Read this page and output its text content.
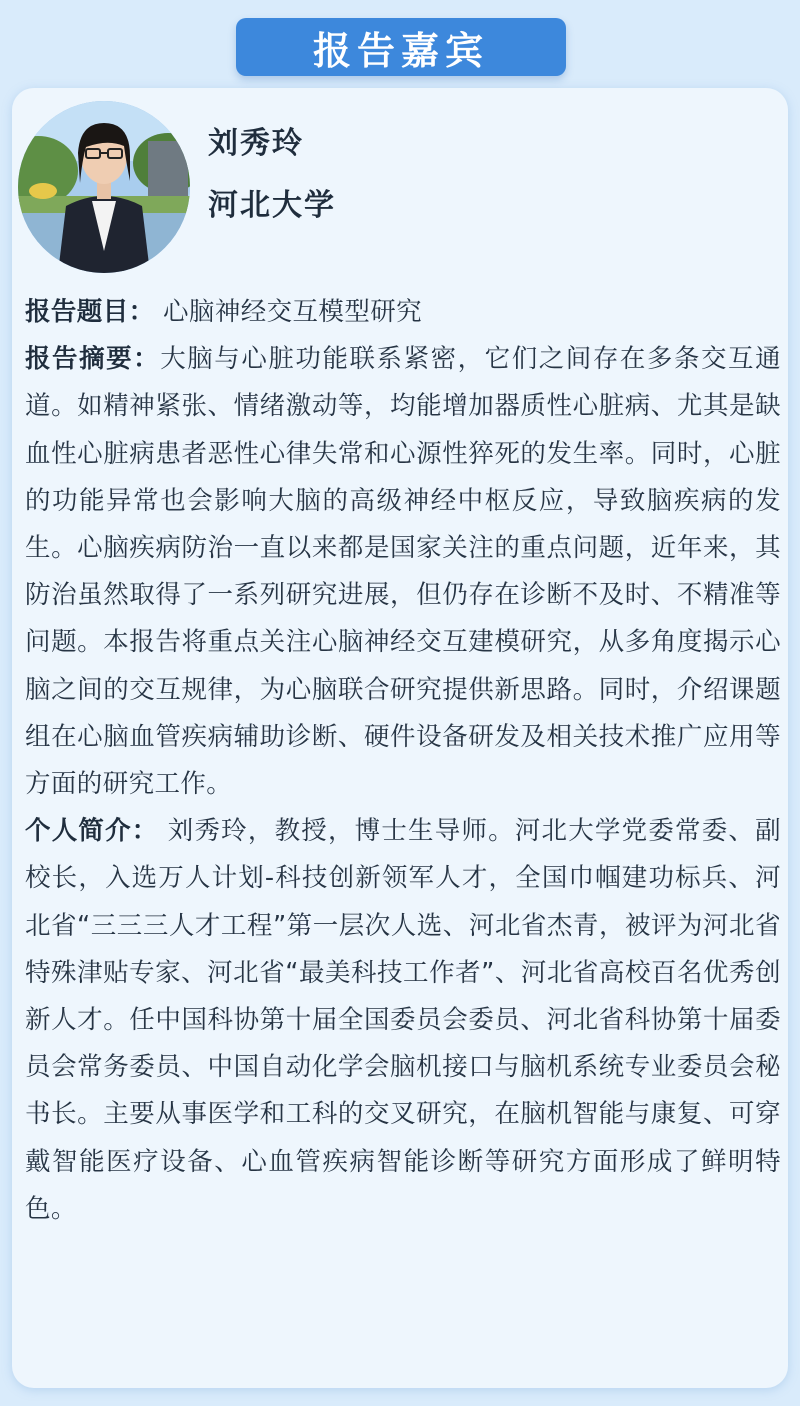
报告嘉宾
刘秀玲
河北大学

报告题目： 心脑神经交互模型研究

报告摘要：大脑与心脏功能联系紧密，它们之间存在多条交互通道。如精神紧张、情绪激动等，均能增加器质性心脏病、尤其是缺血性心脏病患者恶性心律失常和心源性猝死的发生率。同时，心脏的功能异常也会影响大脑的高级神经中枢反应，导致脑疾病的发生。心脑疾病防治一直以来都是国家关注的重点问题，近年来，其防治虽然取得了一系列研究进展，但仍存在诊断不及时、不精准等问题。本报告将重点关注心脑神经交互建模研究，从多角度揭示心脑之间的交互规律，为心脑联合研究提供新思路。同时，介绍课题组在心脑血管疾病辅助诊断、硬件设备研发及相关技术推广应用等方面的研究工作。

个人简介： 刘秀玲，教授，博士生导师。河北大学党委常委、副校长，入选万人计划-科技创新领军人才，全国巾帼建功标兵、河北省“三三三人才工程”第一层次人选、河北省杰青，被评为河北省特殊津贴专家、河北省“最美科技工作者”、河北省高校百名优秀创新人才。任中国科协第十届全国委员会委员、河北省科协第十届委员会常务委员、中国自动化学会脑机接口与脑机系统专业委员会秘书长。主要从事医学和工科的交叉研究，在脑机智能与康复、可穿戴智能医疗设备、心血管疾病智能诊断等研究方面形成了鲜明特色。
